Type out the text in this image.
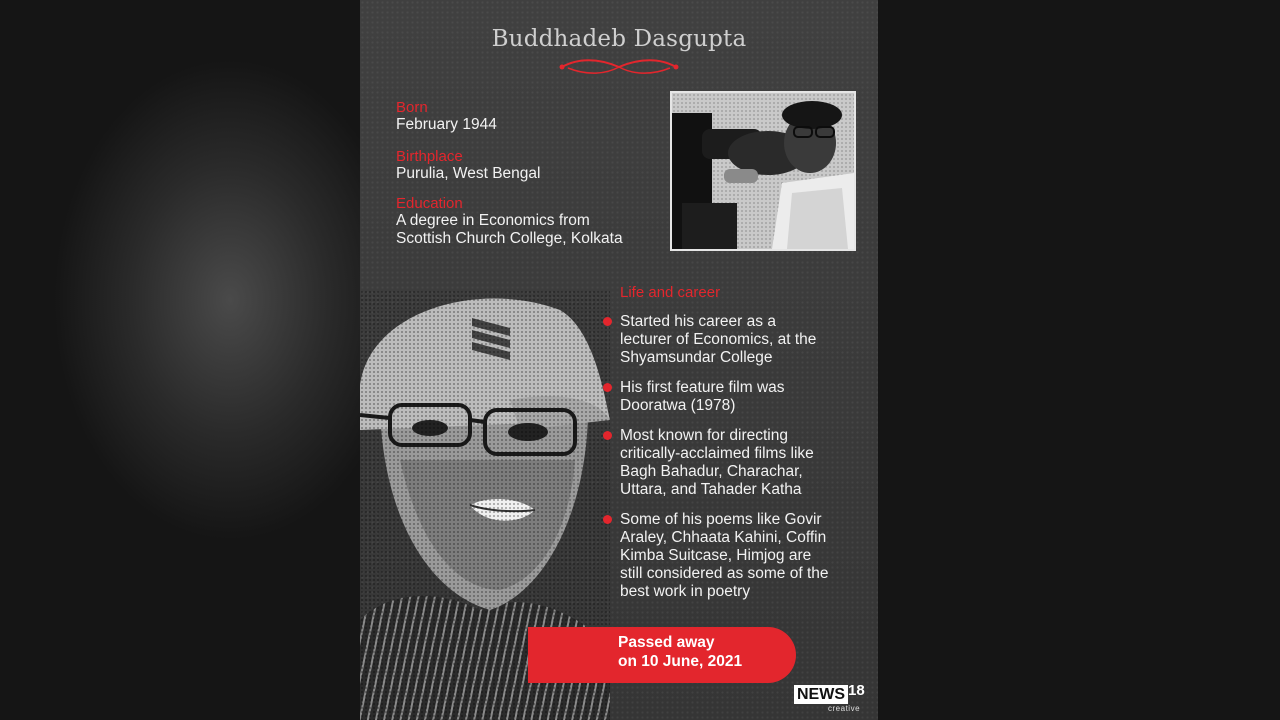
Buddhadeb Dasgupta
Born
February 1944
Birthplace
Purulia, West Bengal
Education
A degree in Economics from
Scottish Church College, Kolkata
Life and career
Started his career as a
lecturer of Economics, at the
Shyamsundar College
His first feature film was
Dooratwa (1978)
Most known for directing
critically-acclaimed films like
Bagh Bahadur, Charachar,
Uttara, and Tahader Katha
Some of his poems like Govir
Araley, Chhaata Kahini, Coffin
Kimba Suitcase, Himjog are
still considered as some of the
best work in poetry
Passed away
on 10 June, 2021
NEWS 18
creative
